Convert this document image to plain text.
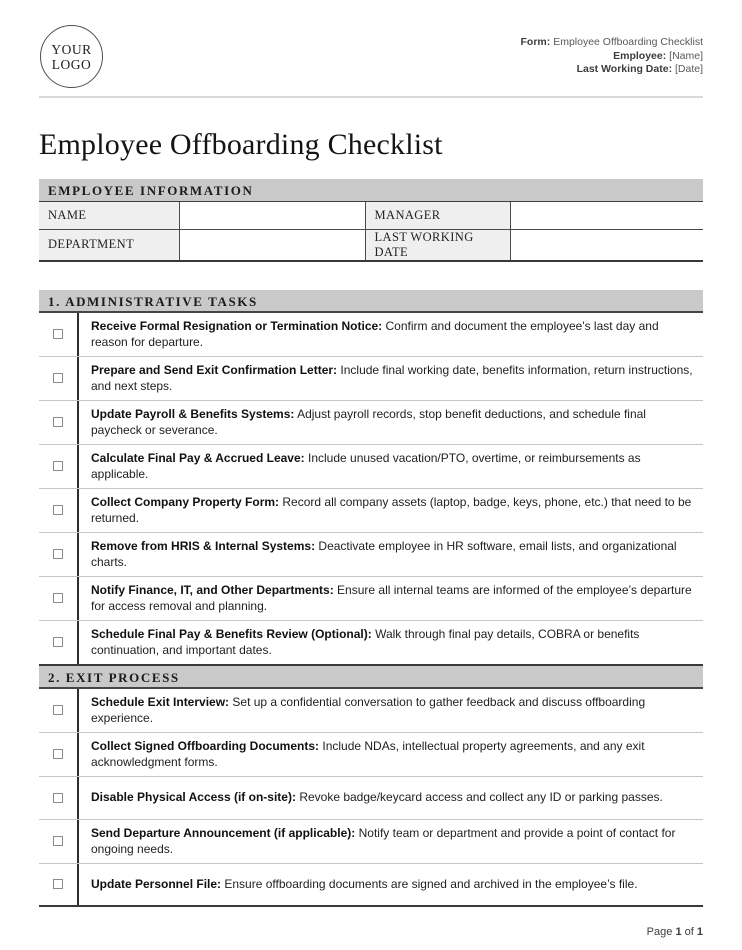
YOUR
LOGO
Form: Employee Offboarding Checklist
Employee: [Name]
Last Working Date: [Date]
Employee Offboarding Checklist
EMPLOYEE INFORMATION
NAME		MANAGER	
DEPARTMENT		LAST WORKING DATE	
1. ADMINISTRATIVE TASKS
Receive Formal Resignation or Termination Notice: Confirm and document the employee's last day and reason for departure.
Prepare and Send Exit Confirmation Letter: Include final working date, benefits information, return instructions, and next steps.
Update Payroll & Benefits Systems: Adjust payroll records, stop benefit deductions, and schedule final paycheck or severance.
Calculate Final Pay & Accrued Leave: Include unused vacation/PTO, overtime, or reimbursements as applicable.
Collect Company Property Form: Record all company assets (laptop, badge, keys, phone, etc.) that need to be returned.
Remove from HRIS & Internal Systems: Deactivate employee in HR software, email lists, and organizational charts.
Notify Finance, IT, and Other Departments: Ensure all internal teams are informed of the employee’s departure for access removal and planning.
Schedule Final Pay & Benefits Review (Optional): Walk through final pay details, COBRA or benefits continuation, and important dates.
2. EXIT PROCESS
Schedule Exit Interview: Set up a confidential conversation to gather feedback and discuss offboarding experience.
Collect Signed Offboarding Documents: Include NDAs, intellectual property agreements, and any exit acknowledgment forms.
Disable Physical Access (if on-site): Revoke badge/keycard access and collect any ID or parking passes.
Send Departure Announcement (if applicable): Notify team or department and provide a point of contact for ongoing needs.
Update Personnel File: Ensure offboarding documents are signed and archived in the employee’s file.
Page 1 of 1
